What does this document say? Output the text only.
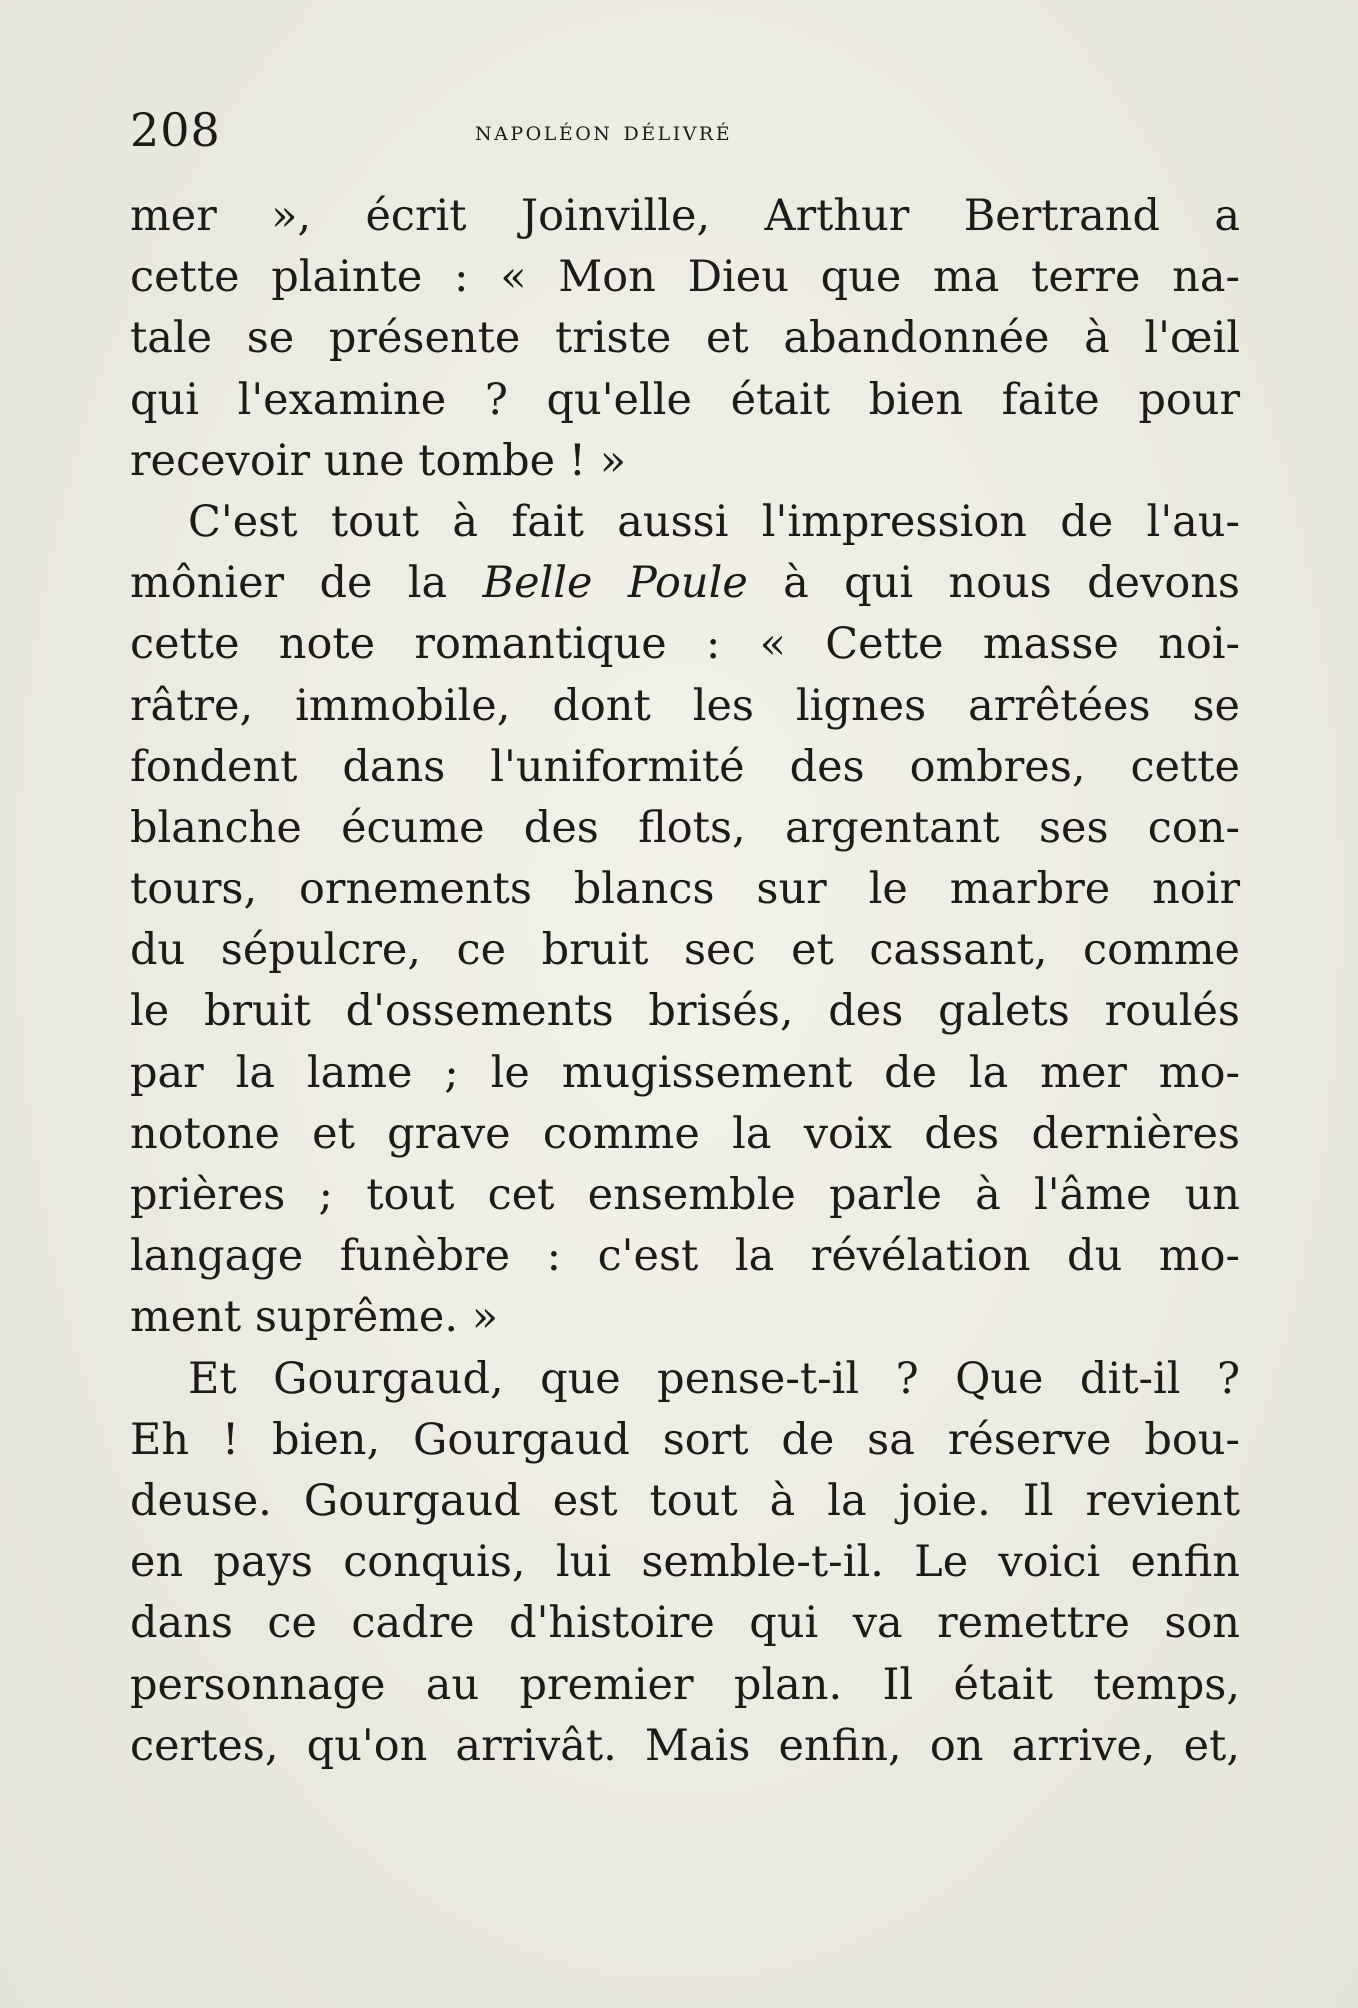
208	napoléon délivré
mer », écrit Joinville, Arthur Bertrand a
cette plainte : « Mon Dieu que ma terre na-
tale se présente triste et abandonnée à l'œil
qui l'examine ? qu'elle était bien faite pour
recevoir une tombe ! »
C'est tout à fait aussi l'impression de l'au-
mônier de la Belle Poule à qui nous devons
cette note romantique : « Cette masse noi-
râtre, immobile, dont les lignes arrêtées se
fondent dans l'uniformité des ombres, cette
blanche écume des flots, argentant ses con-
tours, ornements blancs sur le marbre noir
du sépulcre, ce bruit sec et cassant, comme
le bruit d'ossements brisés, des galets roulés
par la lame ; le mugissement de la mer mo-
notone et grave comme la voix des dernières
prières ; tout cet ensemble parle à l'âme un
langage funèbre : c'est la révélation du mo-
ment suprême. »
Et Gourgaud, que pense-t-il ? Que dit-il ?
Eh ! bien, Gourgaud sort de sa réserve bou-
deuse. Gourgaud est tout à la joie. Il revient
en pays conquis, lui semble-t-il. Le voici enfin
dans ce cadre d'histoire qui va remettre son
personnage au premier plan. Il était temps,
certes, qu'on arrivât. Mais enfin, on arrive, et,
